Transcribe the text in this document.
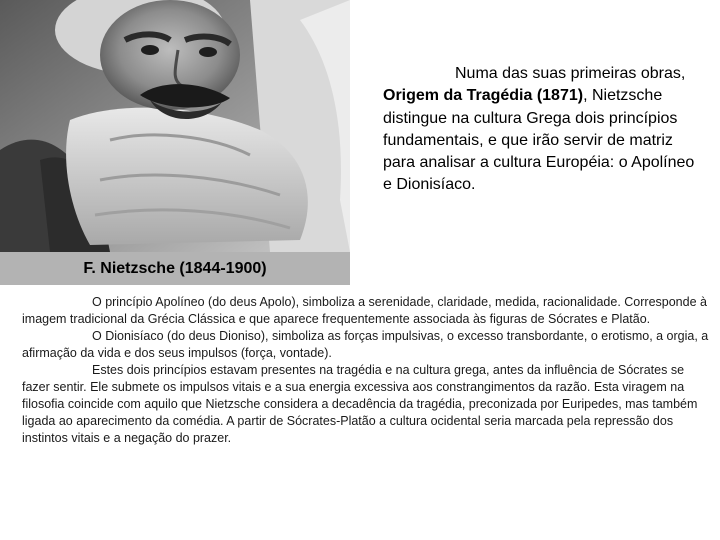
F. Nietzsche (1844-1900)
Numa das suas primeiras obras, Origem da Tragédia (1871), Nietzsche distingue na cultura Grega dois princípios fundamentais, e que irão servir de matriz para analisar a cultura Européia: o Apolíneo e Dionisíaco.

O princípio Apolíneo (do deus Apolo), simboliza a serenidade, claridade, medida, racionalidade. Corresponde à imagem tradicional da Grécia Clássica e que aparece frequentemente associada às figuras de Sócrates e Platão.

O Dionisíaco (do deus Dioniso), simboliza as forças impulsivas, o excesso transbordante, o erotismo, a orgia, a afirmação da vida e dos seus impulsos (força, vontade).

Estes dois princípios estavam presentes na tragédia e na cultura grega, antes da influência de Sócrates se fazer sentir. Ele submete os impulsos vitais e a sua energia excessiva aos constrangimentos da razão. Esta viragem na filosofia coincide com aquilo que Nietzsche considera a decadência da tragédia, preconizada por Euripedes, mas também ligada ao aparecimento da comédia. A partir de Sócrates-Platão a cultura ocidental seria marcada pela repressão dos instintos vitais e a negação do prazer.
